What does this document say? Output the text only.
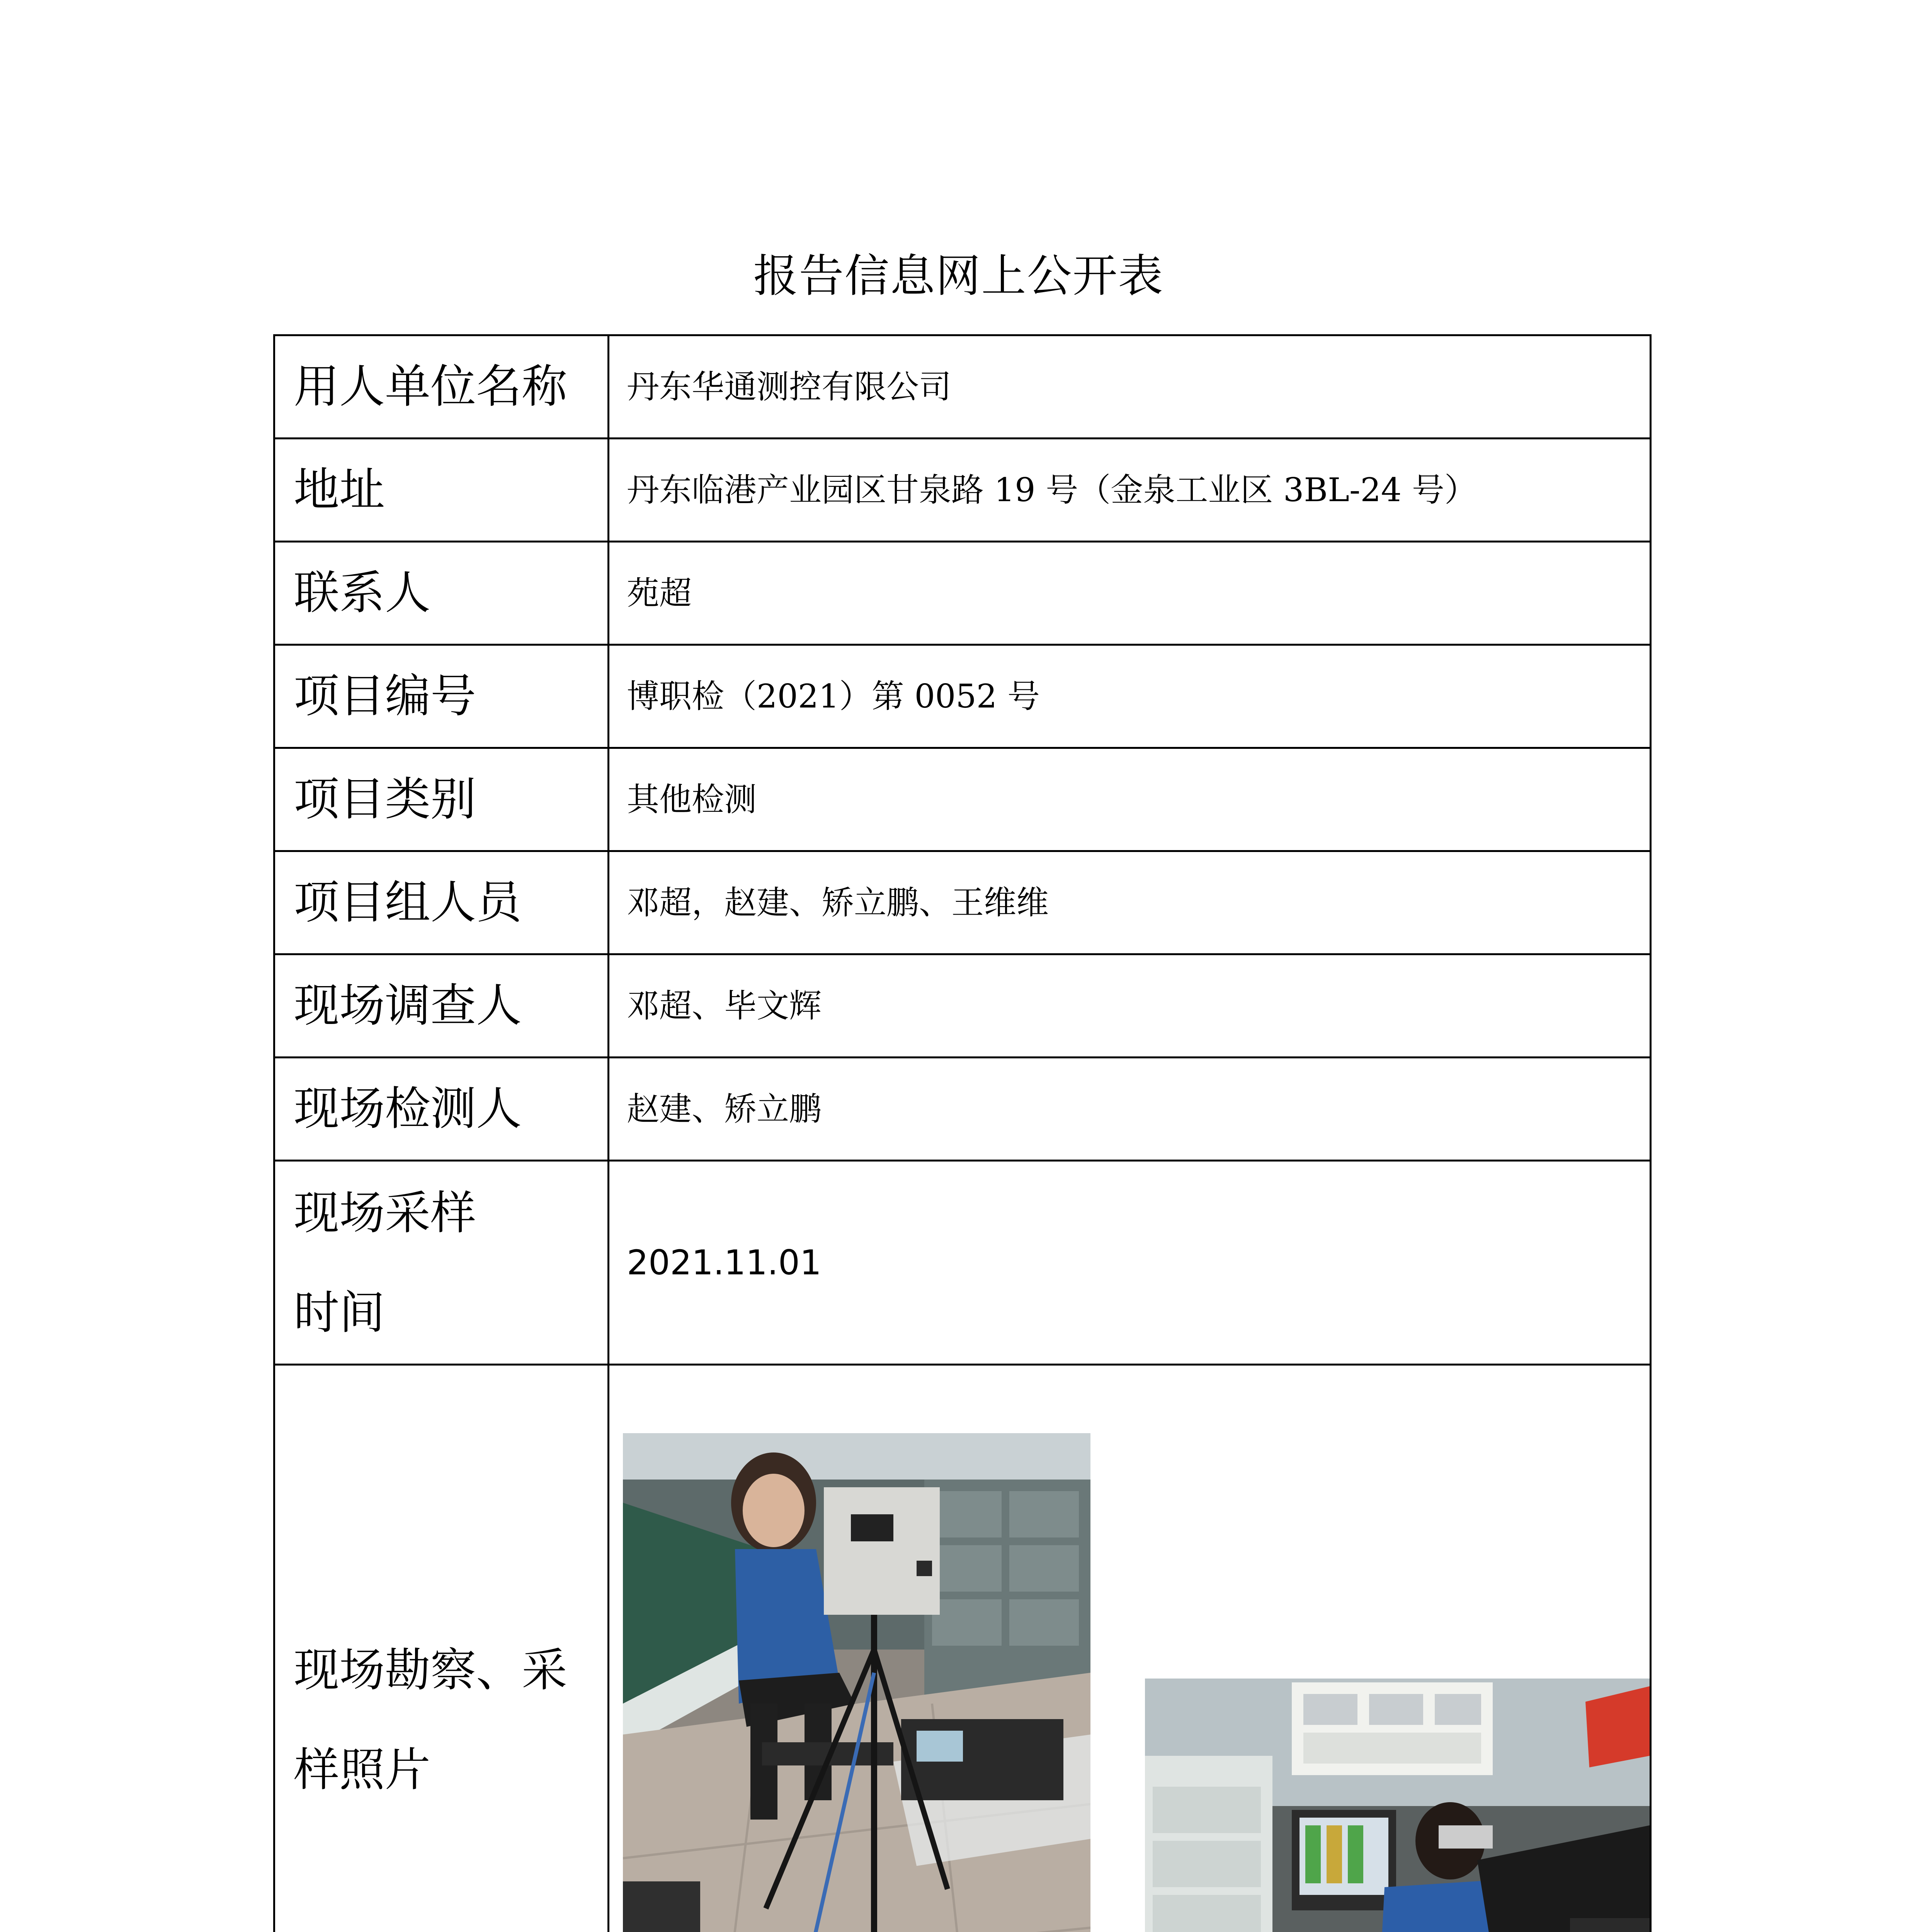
报告信息网上公开表
用人单位名称	丹东华通测控有限公司
地址	丹东临港产业园区甘泉路 19 号（金泉工业区 3BL-24 号）
联系人	苑超
项目编号	博职检（2021）第 0052 号
项目类别	其他检测
项目组人员	邓超，赵建、矫立鹏、王维维
现场调查人	邓超、毕文辉
现场检测人	赵建、矫立鹏
现场采样
时间	2021.11.01
现场勘察、采
样照片	
